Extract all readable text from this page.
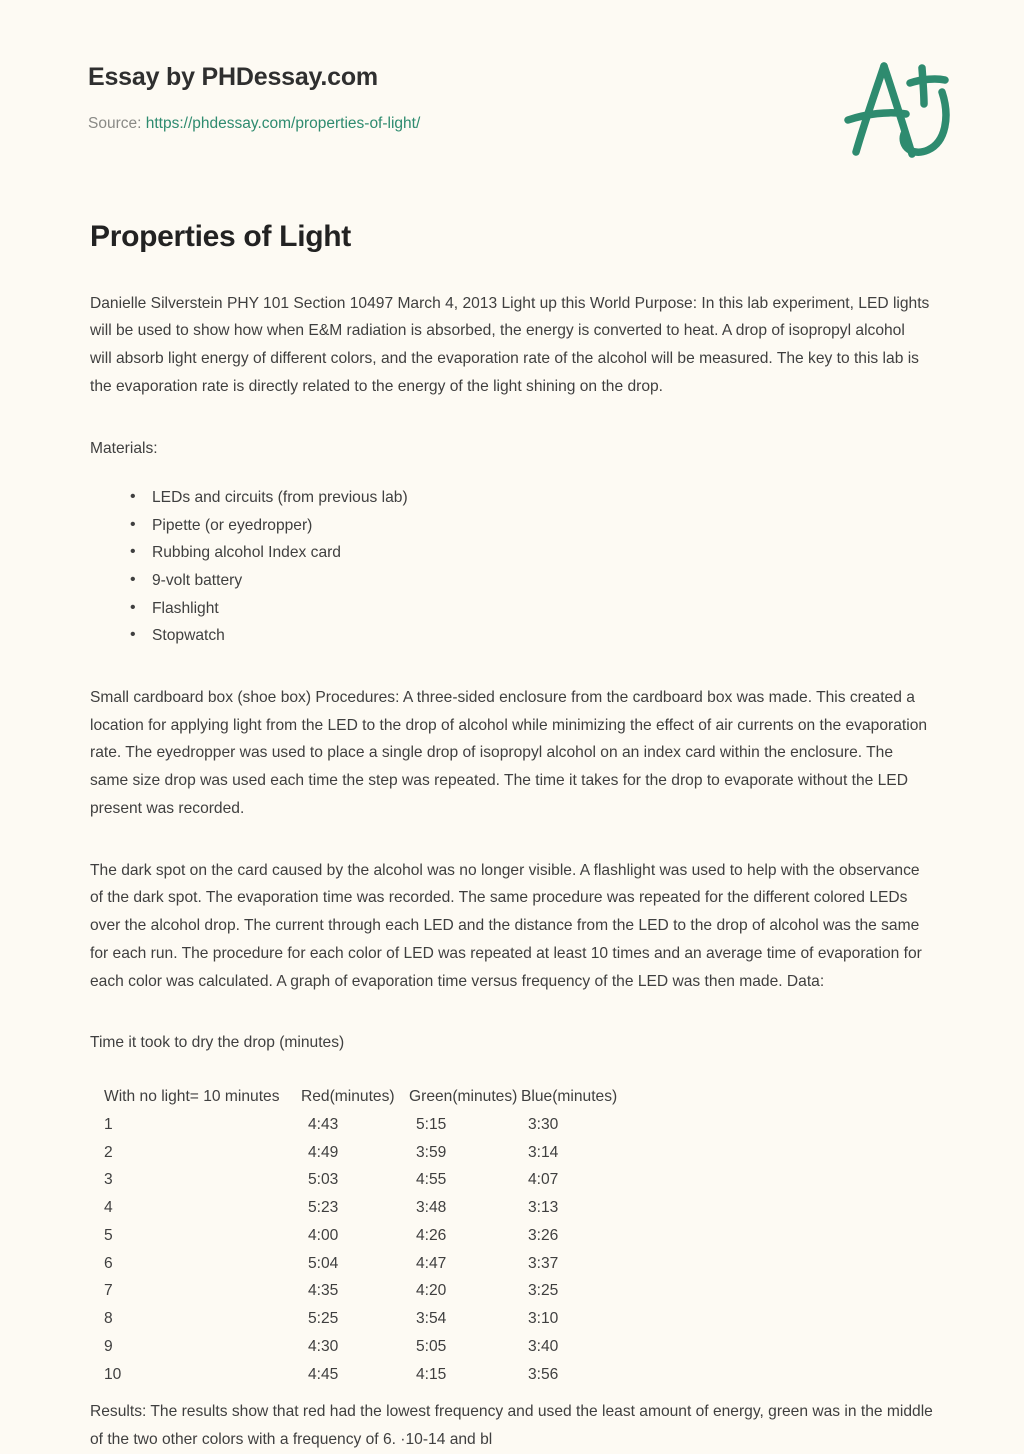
Essay by PHDessay.com
Source: https://phdessay.com/properties-of-light/
Properties of Light

Danielle Silverstein PHY 101 Section 10497 March 4, 2013 Light up this World Purpose: In this lab experiment, LED lights will be used to show how when E&M radiation is absorbed, the energy is converted to heat. A drop of isopropyl alcohol will absorb light energy of different colors, and the evaporation rate of the alcohol will be measured. The key to this lab is the evaporation rate is directly related to the energy of the light shining on the drop.

Materials:

• LEDs and circuits (from previous lab)
• Pipette (or eyedropper)
• Rubbing alcohol Index card
• 9-volt battery
• Flashlight
• Stopwatch

Small cardboard box (shoe box) Procedures: A three-sided enclosure from the cardboard box was made. This created a location for applying light from the LED to the drop of alcohol while minimizing the effect of air currents on the evaporation rate. The eyedropper was used to place a single drop of isopropyl alcohol on an index card within the enclosure. The same size drop was used each time the step was repeated. The time it takes for the drop to evaporate without the LED present was recorded.

The dark spot on the card caused by the alcohol was no longer visible. A flashlight was used to help with the observance of the dark spot. The evaporation time was recorded. The same procedure was repeated for the different colored LEDs over the alcohol drop. The current through each LED and the distance from the LED to the drop of alcohol was the same for each run. The procedure for each color of LED was repeated at least 10 times and an average time of evaporation for each color was calculated. A graph of evaporation time versus frequency of the LED was then made. Data:

Time it took to dry the drop (minutes)

With no light= 10 minutes	Red(minutes)	Green(minutes)	Blue(minutes)
1	4:43	5:15	3:30
2	4:49	3:59	3:14
3	5:03	4:55	4:07
4	5:23	3:48	3:13
5	4:00	4:26	3:26
6	5:04	4:47	3:37
7	4:35	4:20	3:25
8	5:25	3:54	3:10
9	4:30	5:05	3:40
10	4:45	4:15	3:56

Results: The results show that red had the lowest frequency and used the least amount of energy, green was in the middle of the two other colors with a frequency of 6. ·10-14 and bl
